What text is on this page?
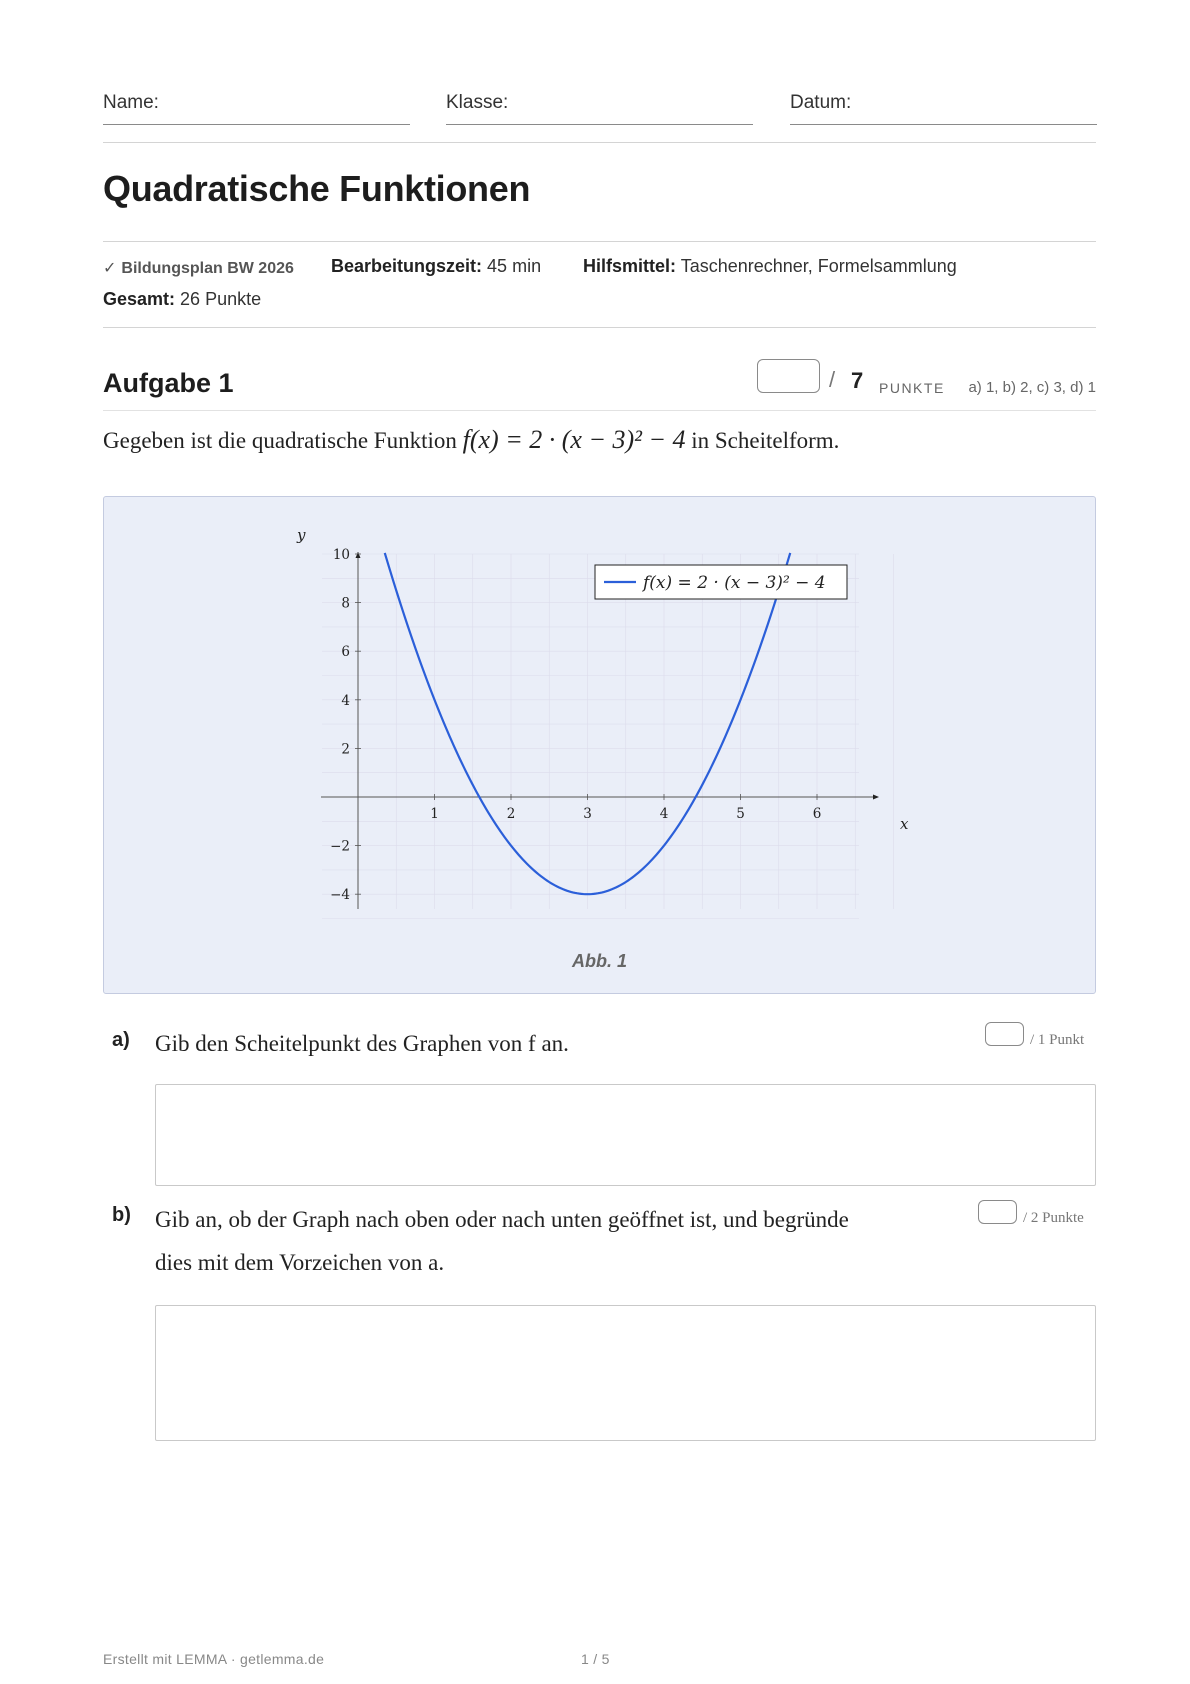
Name:	Klasse:	Datum:
Quadratische Funktionen
✓ Bildungsplan BW 2026 Bearbeitungszeit: 45 min Hilfsmittel: Taschenrechner, Formelsammlung
Gesamt: 26 Punkte
Aufgabe 1	/ 7 PUNKTE a) 1, b) 2, c) 3, d) 1
Gegeben ist die quadratische Funktion f(x) = 2 · (x − 3)² − 4 in Scheitelform.
x
y
1	2	3	4	5	6
−4
−2
2
4
6
8
10
f(x) = 2 · (x − 3)² − 4
Abb. 1
a) Gib den Scheitelpunkt des Graphen von f an.	/ 1 Punkt
b) Gib an, ob der Graph nach oben oder nach unten geöffnet ist, und begründe
dies mit dem Vorzeichen von a.
/ 2 Punkte
Erstellt mit LEMMA · getlemma.de	1 / 5
